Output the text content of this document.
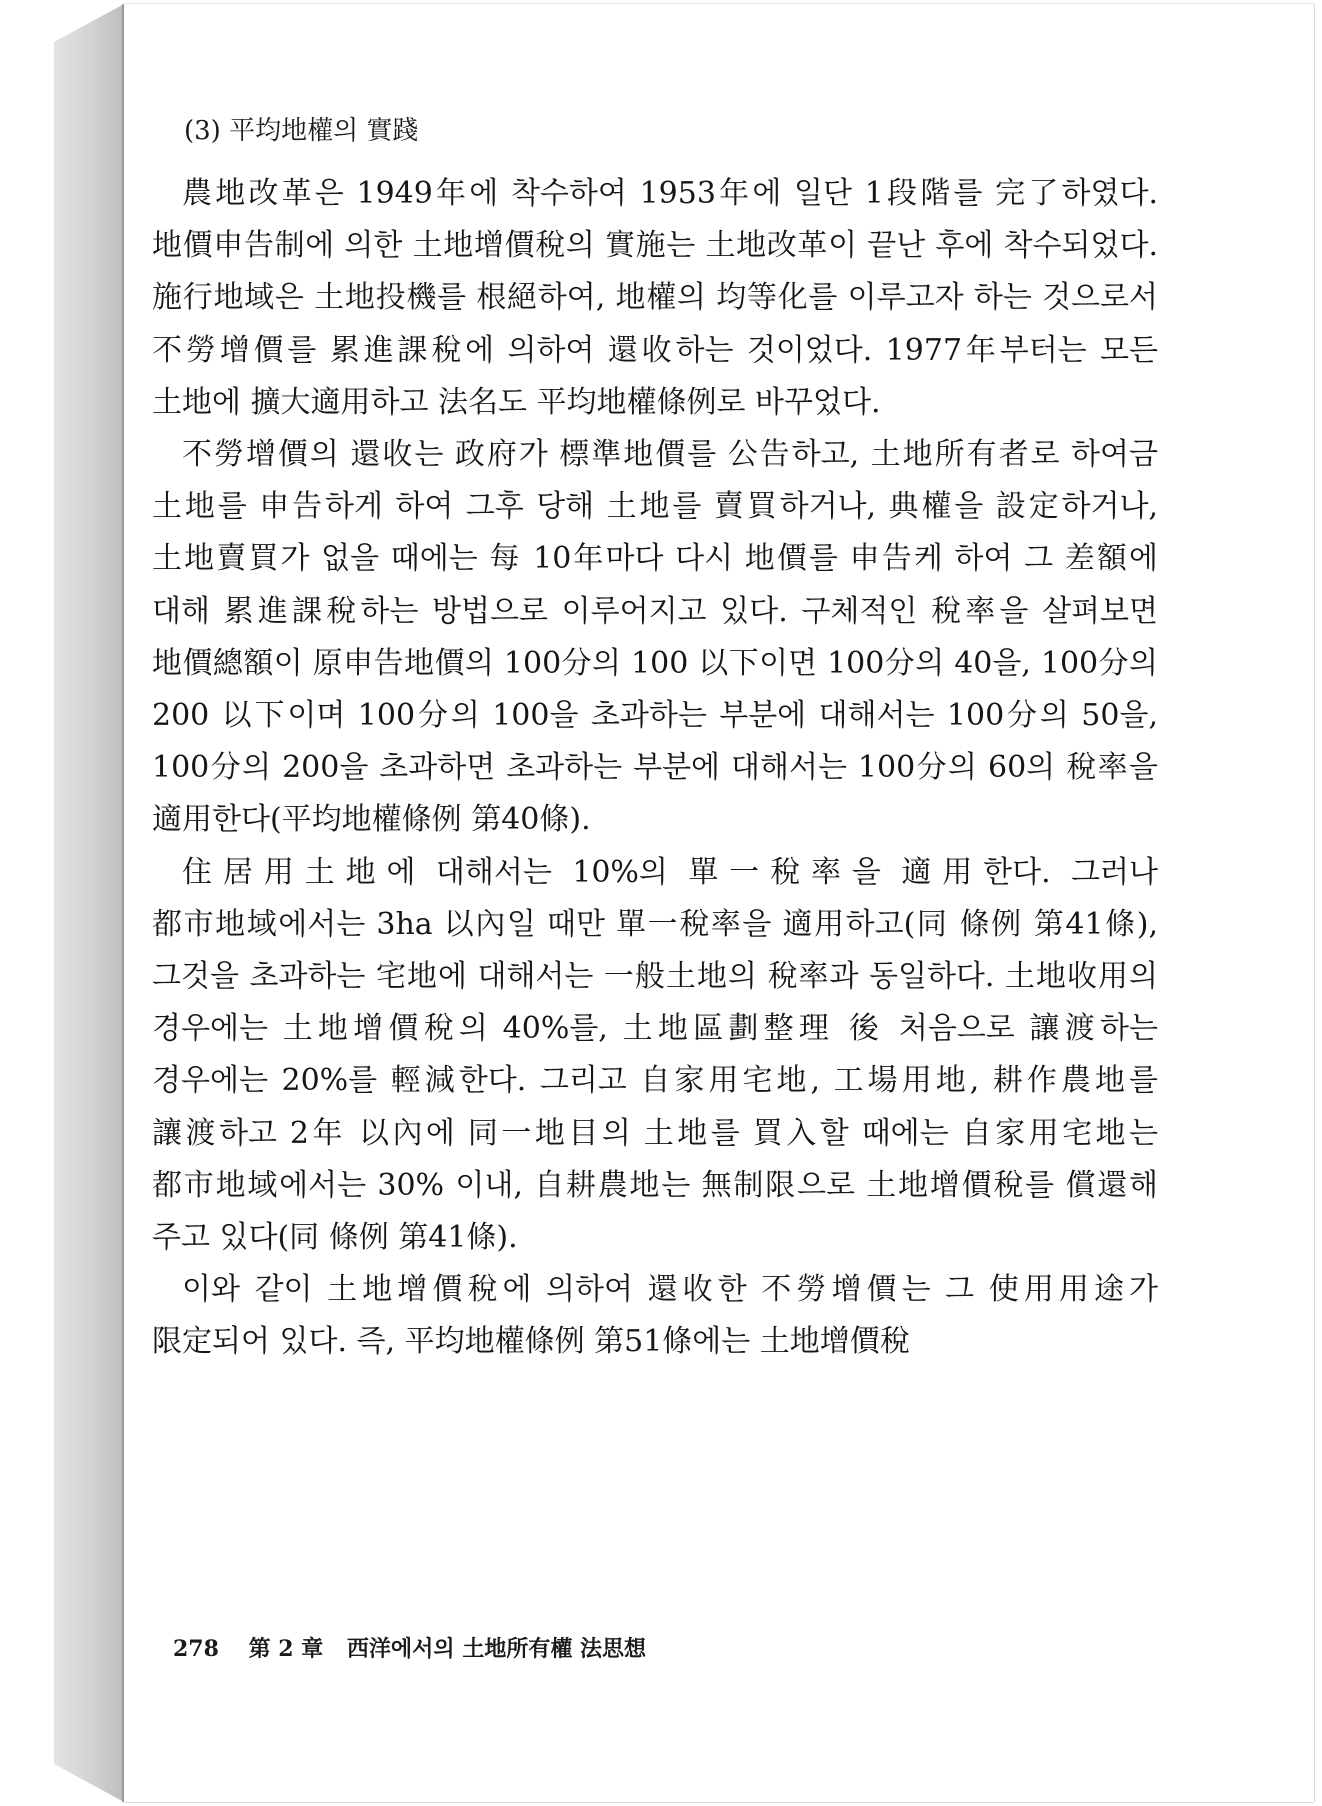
(3) 平均地權의 實踐

農地改革은 1949年에 착수하여 1953年에 일단 1段階를 完了하였다. 地價申告制에 의한 土地增價稅의 實施는 土地改革이 끝난 후에 착수되었다. 施行地域은 土地投機를 根絕하여, 地權의 均等化를 이루고자 하는 것으로서 不勞增價를 累進課稅에 의하여 還收하는 것이었다. 1977年부터는 모든 土地에 擴大適用하고 法名도 平均地權條例로 바꾸었다.

不勞增價의 還收는 政府가 標準地價를 公告하고, 土地所有者로 하여금 土地를 申告하게 하여 그후 당해 土地를 賣買하거나, 典權을 設定하거나, 土地賣買가 없을 때에는 每 10年마다 다시 地價를 申告케 하여 그 差額에 대해 累進課稅하는 방법으로 이루어지고 있다. 구체적인 稅率을 살펴보면 地價總額이 原申告地價의 100分의 100 以下이면 100分의 40을, 100分의 200 以下이며 100分의 100을 초과하는 부분에 대해서는 100分의 50을, 100分의 200을 초과하면 초과하는 부분에 대해서는 100分의 60의 稅率을 適用한다(平均地權條例 第40條).

住居用土地에 대해서는 10%의 單一稅率을 適用한다. 그러나 都市地域에서는 3ha 以內일 때만 單一稅率을 適用하고(同 條例 第41條), 그것을 초과하는 宅地에 대해서는 一般土地의 稅率과 동일하다. 土地收用의 경우에는 土地增價稅의 40%를, 土地區劃整理 後 처음으로 讓渡하는 경우에는 20%를 輕減한다. 그리고 自家用宅地, 工場用地, 耕作農地를 讓渡하고 2年 以內에 同一地目의 土地를 買入할 때에는 自家用宅地는 都市地域에서는 30% 이내, 自耕農地는 無制限으로 土地增價稅를 償還해 주고 있다(同 條例 第41條).

이와 같이 土地增價稅에 의하여 還收한 不勞增價는 그 使用用途가 限定되어 있다. 즉, 平均地權條例 第51條에는 土地增價稅

278 第 2 章 西洋에서의 土地所有權 法思想
